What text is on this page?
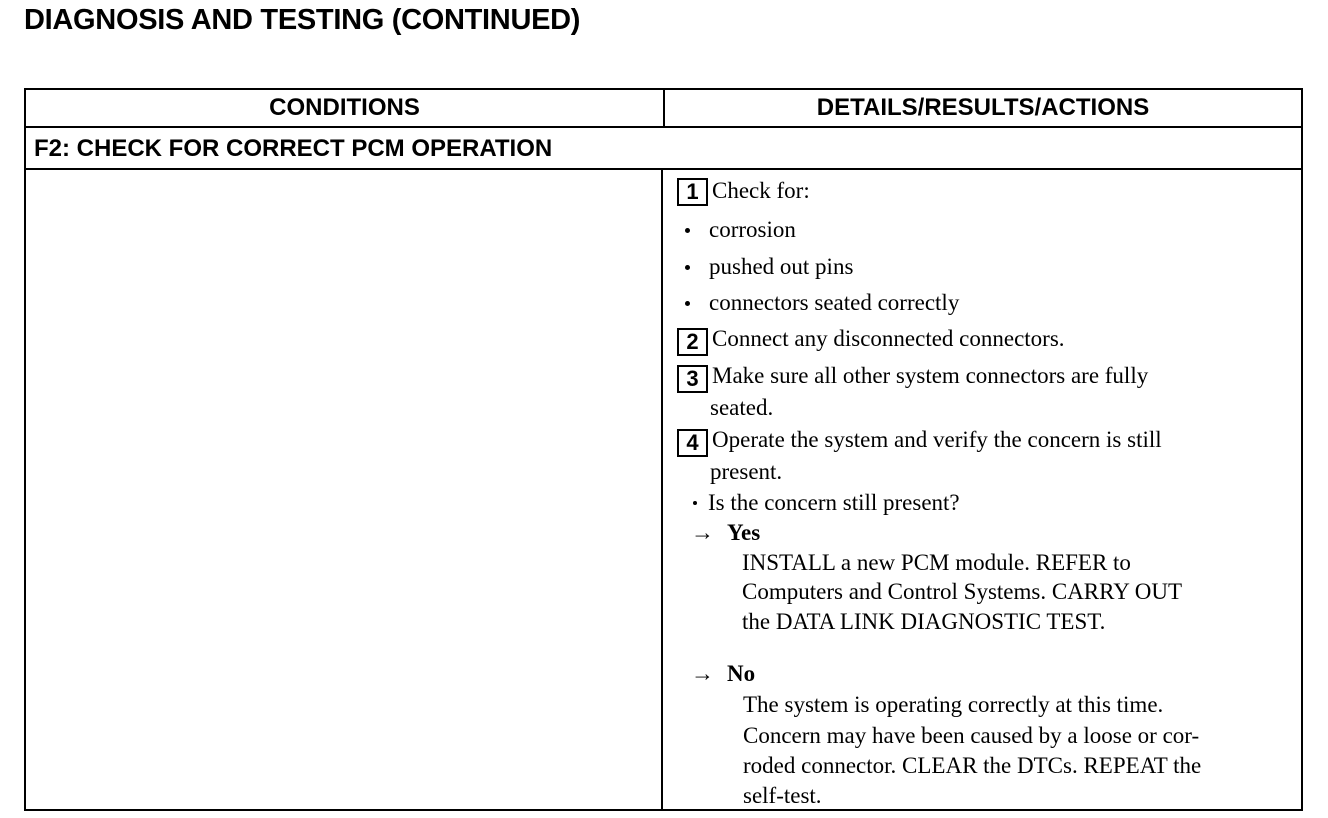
DIAGNOSIS AND TESTING (CONTINUED)
CONDITIONS	DETAILS/RESULTS/ACTIONS
F2: CHECK FOR CORRECT PCM OPERATION
1 Check for:
corrosion
pushed out pins
connectors seated correctly
2 Connect any disconnected connectors.
3 Make sure all other system connectors are fully
seated.
4 Operate the system and verify the concern is still
present.
Is the concern still present?
→ Yes
INSTALL a new PCM module. REFER to
Computers and Control Systems. CARRY OUT
the DATA LINK DIAGNOSTIC TEST.
→ No
The system is operating correctly at this time.
Concern may have been caused by a loose or cor-
roded connector. CLEAR the DTCs. REPEAT the
self-test.
